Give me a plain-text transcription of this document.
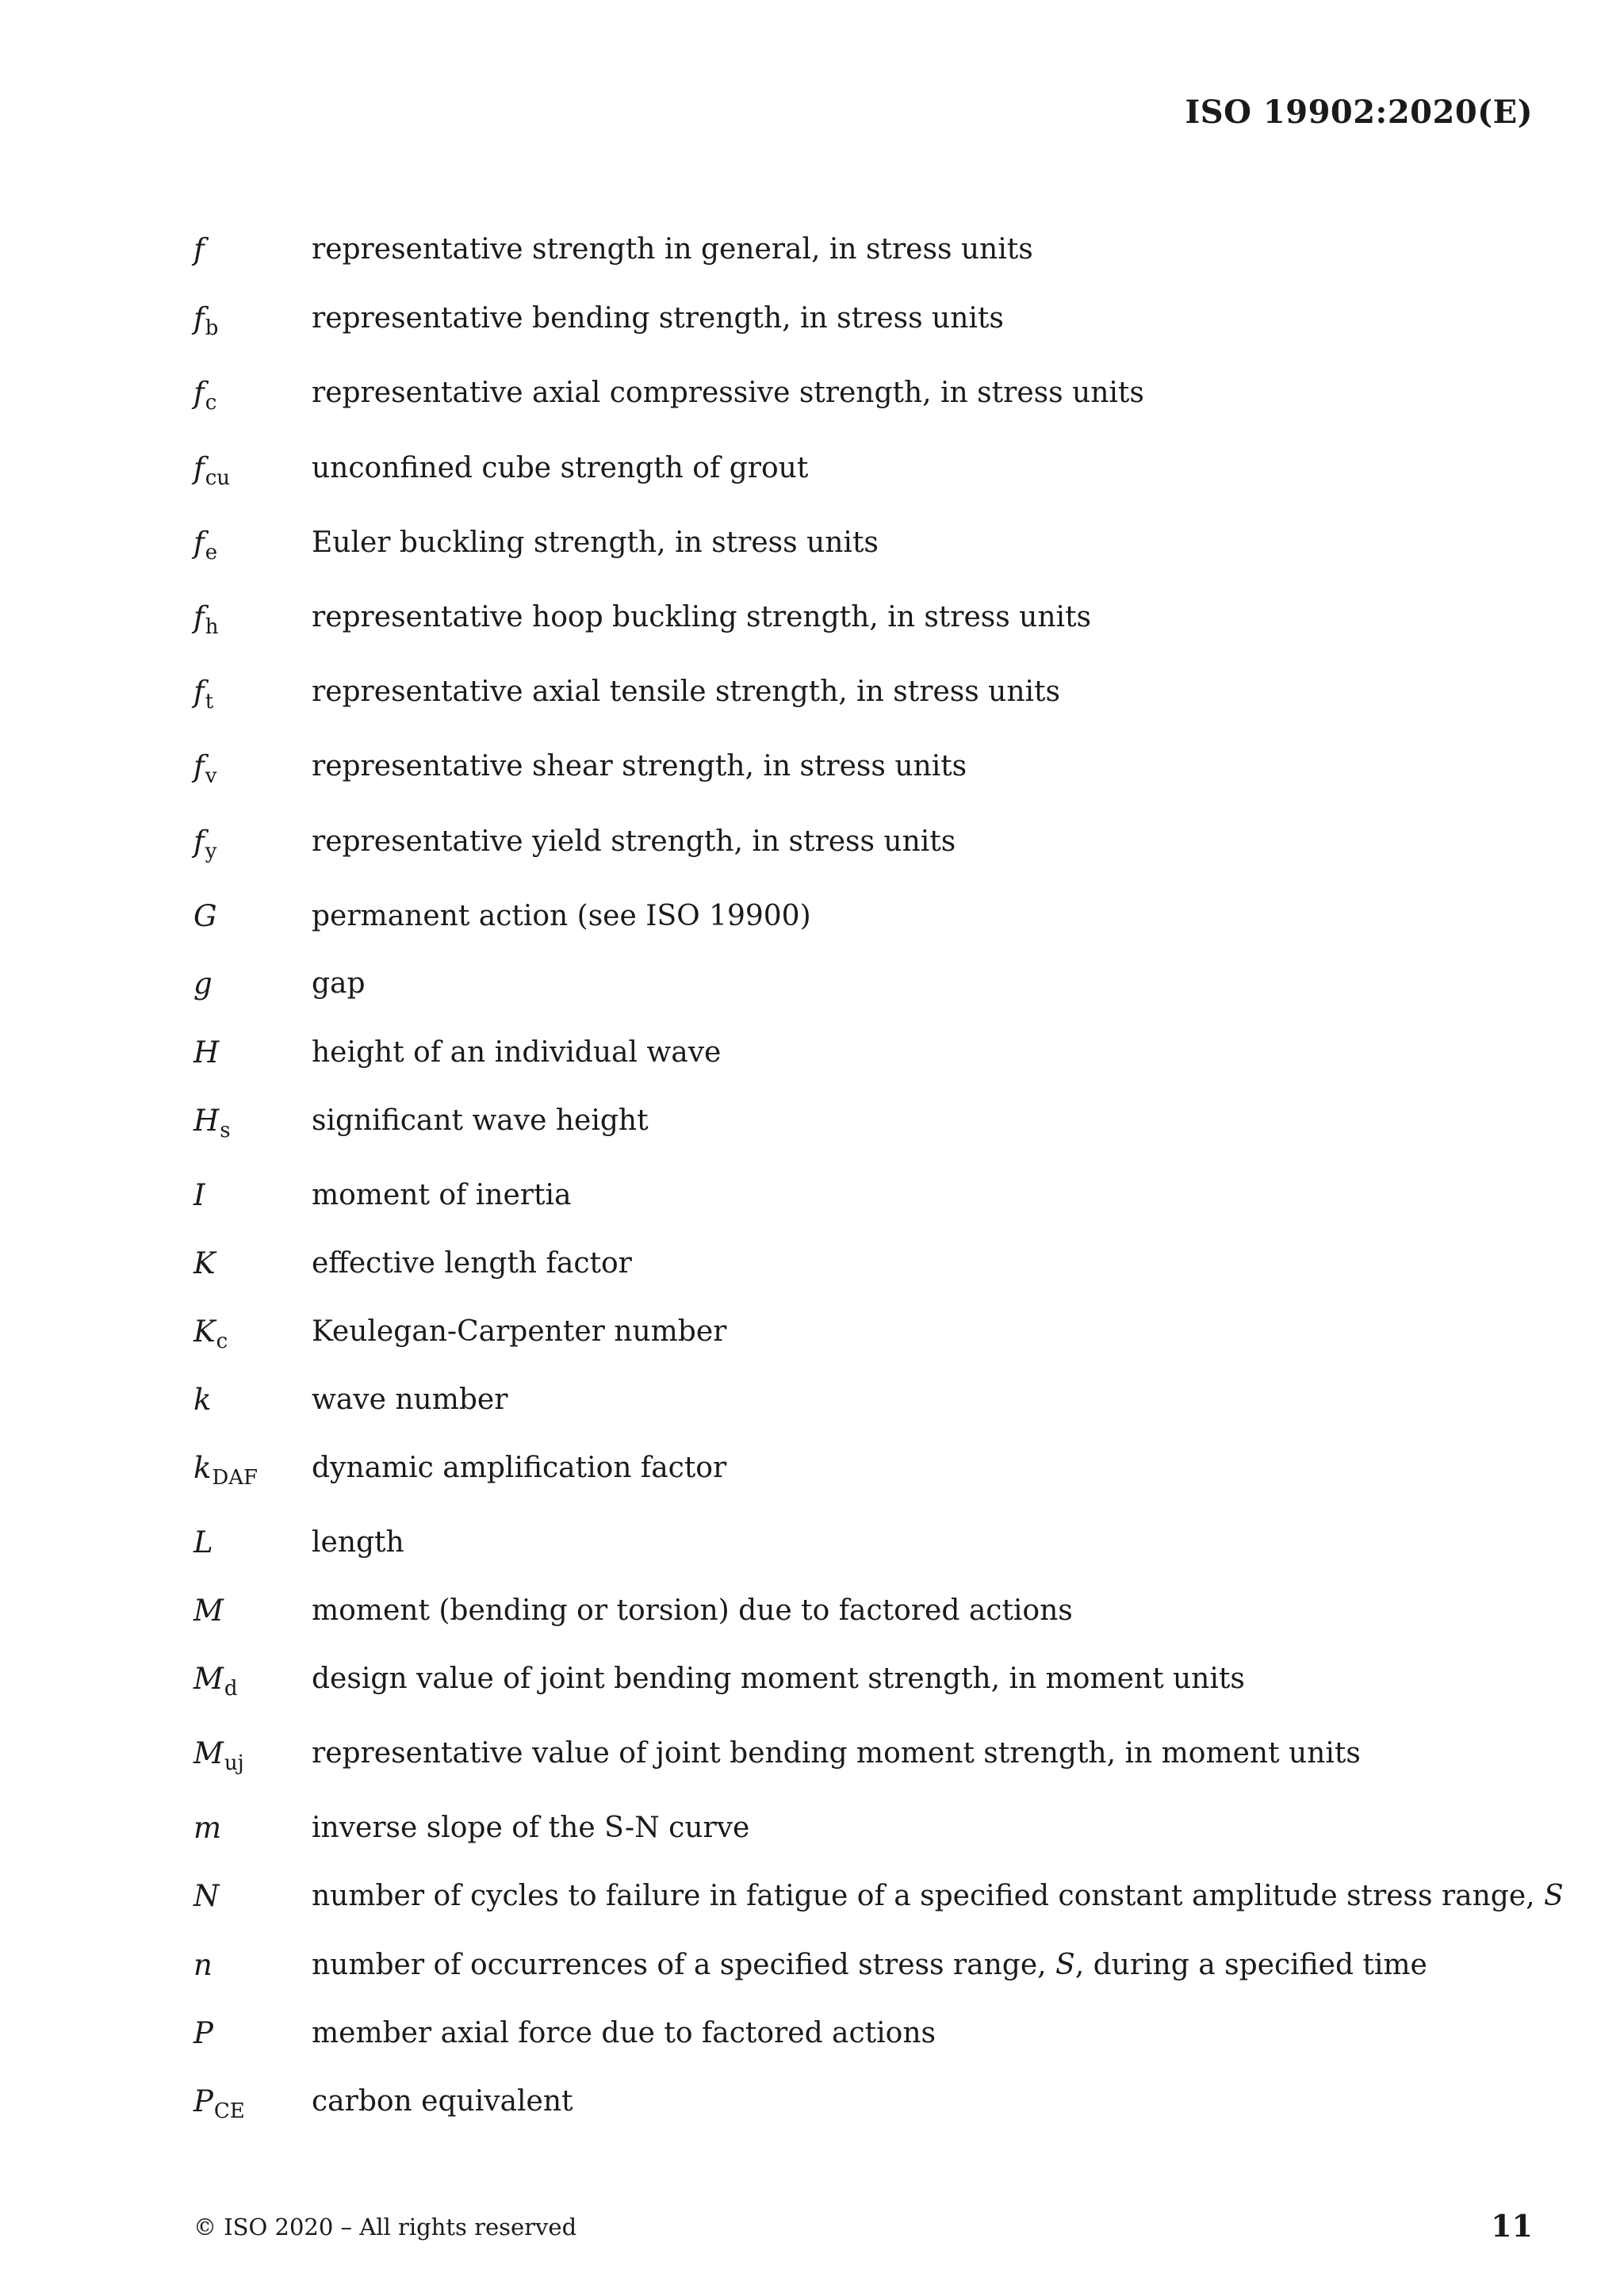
ISO 19902:2020(E)
f	representative strength in general, in stress units
$f_b$	representative bending strength, in stress units
$f_c$	representative axial compressive strength, in stress units
$f_{cu}$	unconfined cube strength of grout
$f_e$	Euler buckling strength, in stress units
$f_h$	representative hoop buckling strength, in stress units
$f_t$	representative axial tensile strength, in stress units
$f_v$	representative shear strength, in stress units
$f_y$	representative yield strength, in stress units
G	permanent action (see ISO 19900)
g	gap
H	height of an individual wave
$H_s$	significant wave height
I	moment of inertia
K	effective length factor
$K_c$	Keulegan-Carpenter number
k	wave number
$k_{DAF}$ dynamic amplification factor
L	length
M	moment (bending or torsion) due to factored actions
$M_d$	design value of joint bending moment strength, in moment units
$M_{uj}$ representative value of joint bending moment strength, in moment units
m	inverse slope of the S-N curve
N	number of cycles to failure in fatigue of a specified constant amplitude stress range, S
n	number of occurrences of a specified stress range, S, during a specified time
P	member axial force due to factored actions
$P_{CE}$ carbon equivalent
© ISO 2020 – All rights reserved	11
